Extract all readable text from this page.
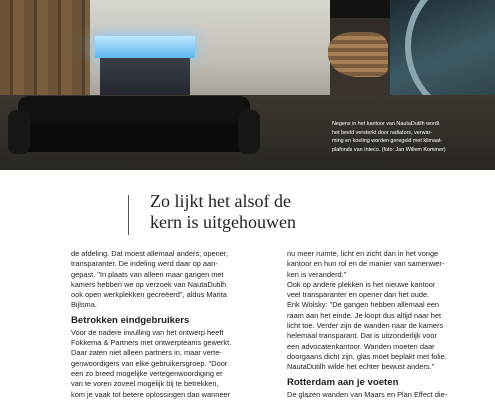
Negens in het kantoor van NautaDutilh wordt
het beeld versterkt door radiators, verwar-
ming en koeling worden geregeld met klimaat-
plafonds van Inteco. (foto: Jan Willem Kommer)
Zo lijkt het alsof de
kern is uitgehouwen
de afdeling. Dat moest allemaal anders; opener,
transparanter. De indeling werd daar op aan-
gepast. "In plaats van alleen maar gangen met
kamers hebben we op verzoek van NautaDutilh
ook open werkplekken gecreëerd", aldus Marita
Bijlsma.
Betrokken eindgebruikers
Voor de nadere invulling van het ontwerp heeft
Fokkema & Partners met ontwerpteams gewerkt.
Daar zaten niet alleen partners in, maar verte-
genwoordigers van elke gebruikersgroep. "Door
een zo breed mogelijke vertegenwoordiging er
van te voren zoveel mogelijk bij te betrekken,
kom je vaak tot betere oplossingen dan wanneer
nu meer ruimte, licht en zicht dan in het vorige
kantoor en hun rol en de manier van samenwer-
ken is veranderd."
Ook op andere plekken is het nieuwe kantoor
veel transparanter en opener dan het oude.
Erik Wolsky: "De gangen hebben allemaal een
raam aan het einde. Je loopt dus altijd naar het
licht toe. Verder zijn de wanden naar de kamers
helemaal transparant. Dat is uitzonderlijk voor
een advocatenkantoor. Wanden moeten daar
doorgaans dicht zijn, glas moet beplakt met folie.
NautaDutilh wilde het echter bewust anders."
Rotterdam aan je voeten
De glazen wanden van Maars en Plan Effect die-
